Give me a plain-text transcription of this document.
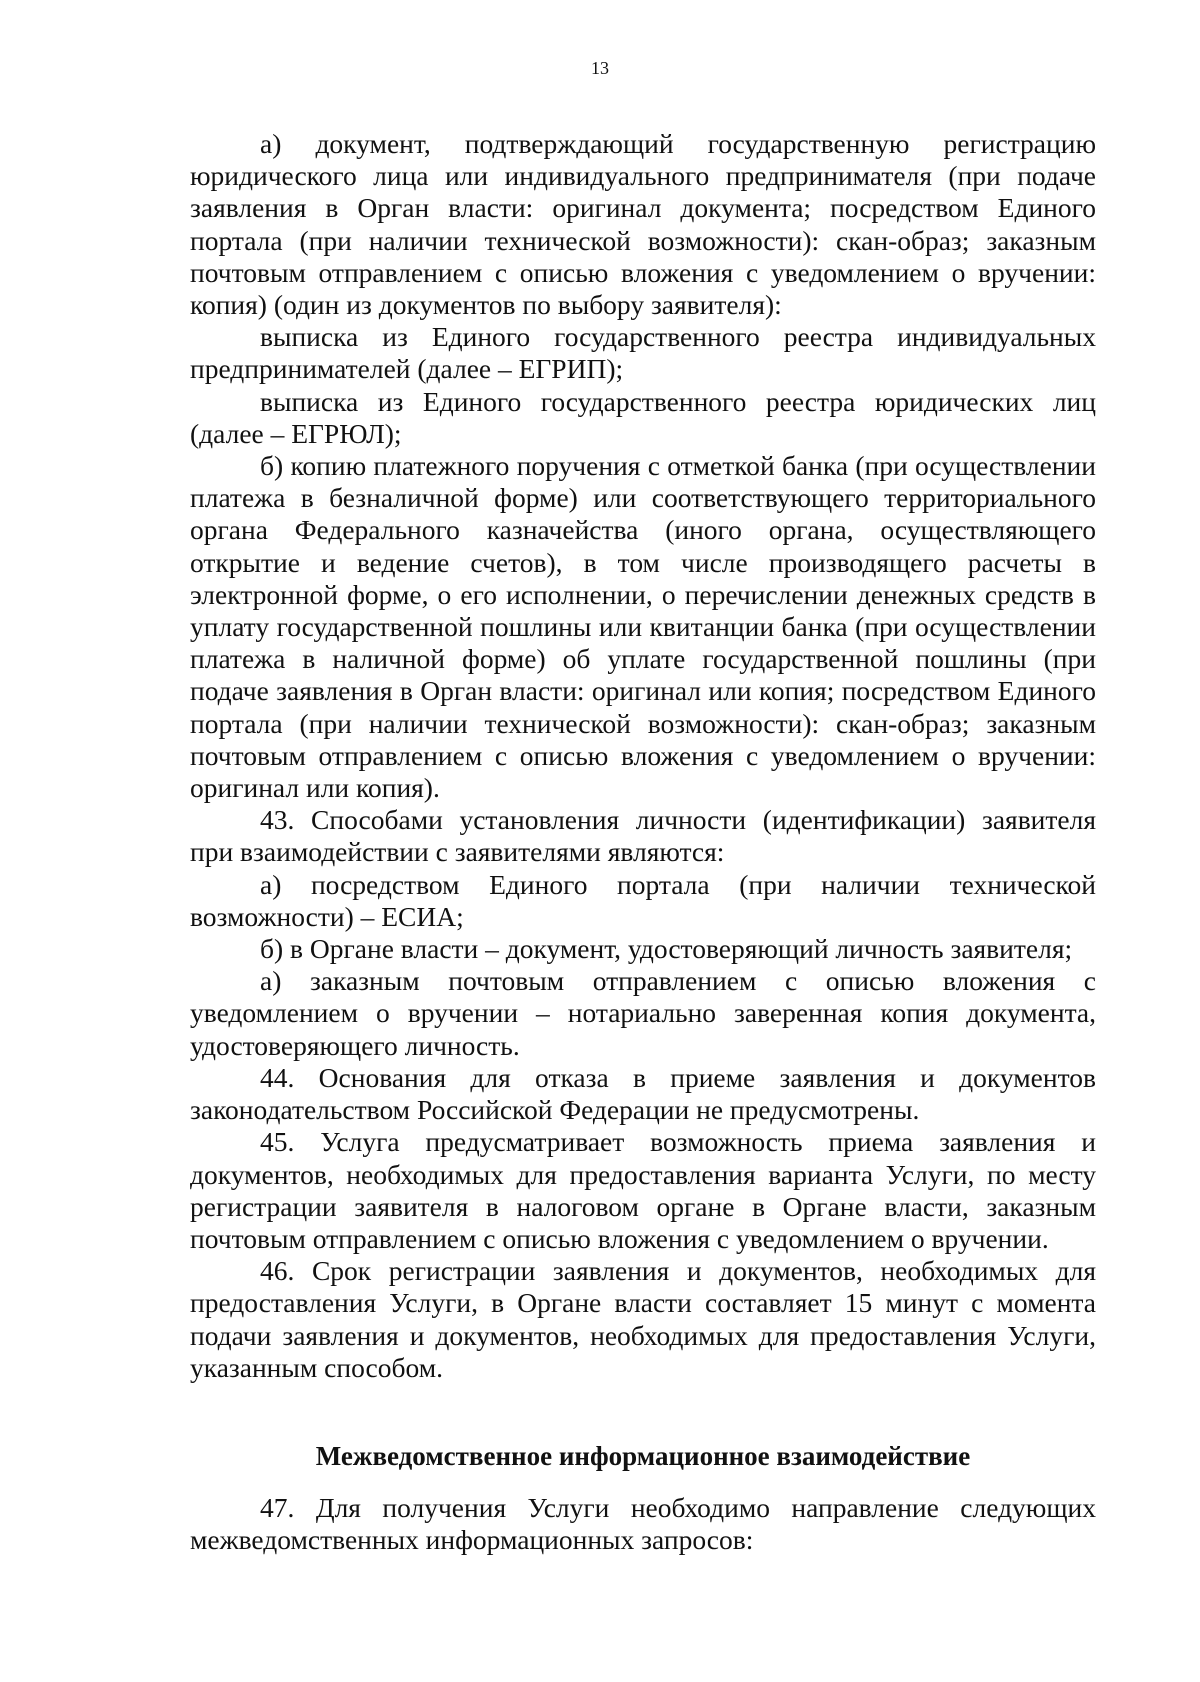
13

а) документ, подтверждающий государственную регистрацию юридического лица или индивидуального предпринимателя (при подаче заявления в Орган власти: оригинал документа; посредством Единого портала (при наличии технической возможности): скан-образ; заказным почтовым отправлением с описью вложения с уведомлением о вручении: копия) (один из документов по выбору заявителя):

выписка из Единого государственного реестра индивидуальных предпринимателей (далее – ЕГРИП);

выписка из Единого государственного реестра юридических лиц (далее – ЕГРЮЛ);

б) копию платежного поручения с отметкой банка (при осуществлении платежа в безналичной форме) или соответствующего территориального органа Федерального казначейства (иного органа, осуществляющего открытие и ведение счетов), в том числе производящего расчеты в электронной форме, о его исполнении, о перечислении денежных средств в уплату государственной пошлины или квитанции банка (при осуществлении платежа в наличной форме) об уплате государственной пошлины (при подаче заявления в Орган власти: оригинал или копия; посредством Единого портала (при наличии технической возможности): скан-образ; заказным почтовым отправлением с описью вложения с уведомлением о вручении: оригинал или копия).

43. Способами установления личности (идентификации) заявителя при взаимодействии с заявителями являются:

а) посредством Единого портала (при наличии технической возможности) – ЕСИА;

б) в Органе власти – документ, удостоверяющий личность заявителя;

а) заказным почтовым отправлением с описью вложения с уведомлением о вручении – нотариально заверенная копия документа, удостоверяющего личность.

44. Основания для отказа в приеме заявления и документов законодательством Российской Федерации не предусмотрены.

45. Услуга предусматривает возможность приема заявления и документов, необходимых для предоставления варианта Услуги, по месту регистрации заявителя в налоговом органе в Органе власти, заказным почтовым отправлением с описью вложения с уведомлением о вручении.

46. Срок регистрации заявления и документов, необходимых для предоставления Услуги, в Органе власти составляет 15 минут с момента подачи заявления и документов, необходимых для предоставления Услуги, указанным способом.

Межведомственное информационное взаимодействие

47. Для получения Услуги необходимо направление следующих межведомственных информационных запросов:
